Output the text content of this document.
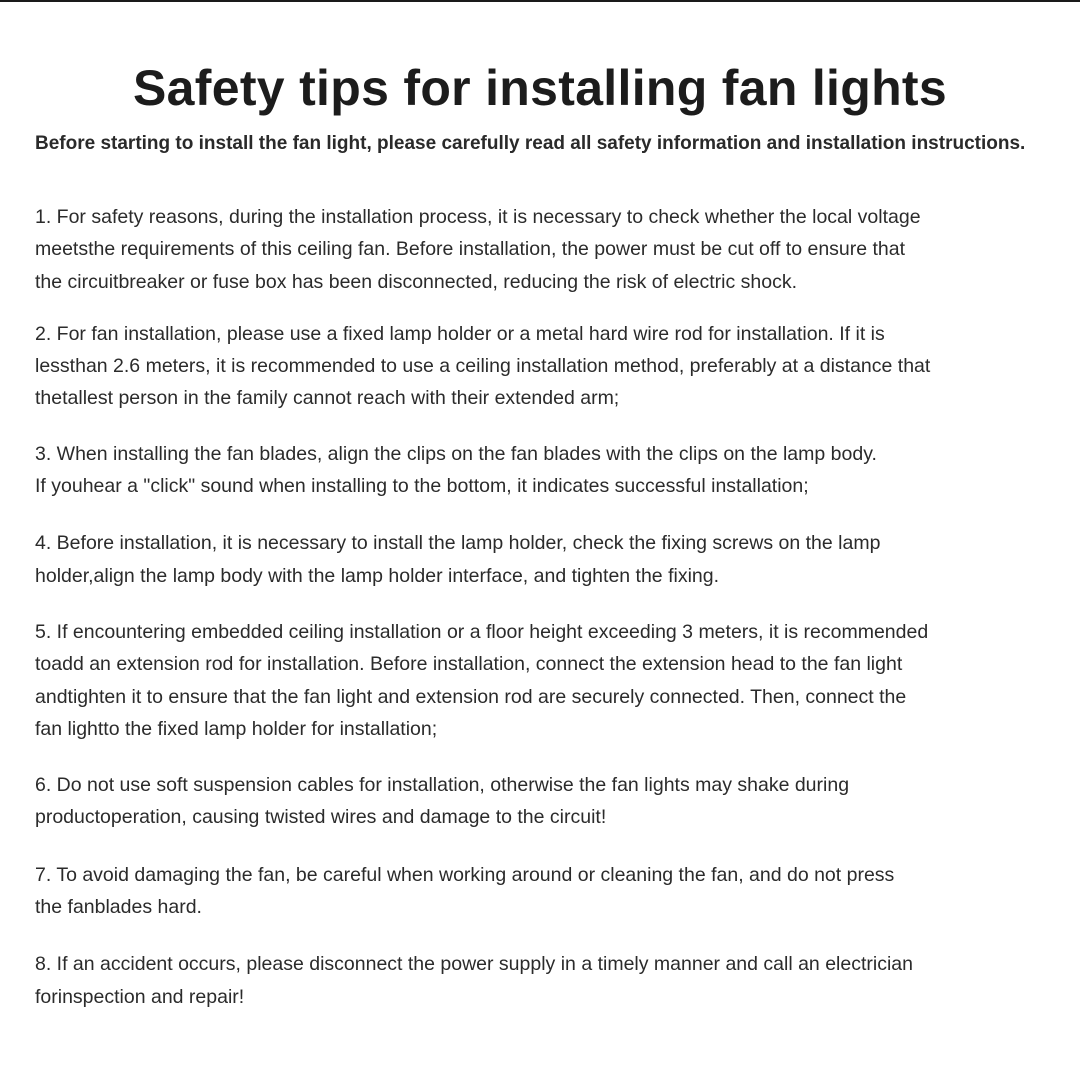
Safety tips for installing fan lights

Before starting to install the fan light, please carefully read all safety information and installation instructions.

1. For safety reasons, during the installation process, it is necessary to check whether the local voltage
meetsthe requirements of this ceiling fan. Before installation, the power must be cut off to ensure that
the circuitbreaker or fuse box has been disconnected, reducing the risk of electric shock.
2. For fan installation, please use a fixed lamp holder or a metal hard wire rod for installation. If it is
lessthan 2.6 meters, it is recommended to use a ceiling installation method, preferably at a distance that
thetallest person in the family cannot reach with their extended arm;
3. When installing the fan blades, align the clips on the fan blades with the clips on the lamp body.
If youhear a "click" sound when installing to the bottom, it indicates successful installation;
4. Before installation, it is necessary to install the lamp holder, check the fixing screws on the lamp
holder,align the lamp body with the lamp holder interface, and tighten the fixing.
5. If encountering embedded ceiling installation or a floor height exceeding 3 meters, it is recommended
toadd an extension rod for installation. Before installation, connect the extension head to the fan light
andtighten it to ensure that the fan light and extension rod are securely connected. Then, connect the
fan lightto the fixed lamp holder for installation;
6. Do not use soft suspension cables for installation, otherwise the fan lights may shake during
productoperation, causing twisted wires and damage to the circuit!
7. To avoid damaging the fan, be careful when working around or cleaning the fan, and do not press
the fanblades hard.
8. If an accident occurs, please disconnect the power supply in a timely manner and call an electrician
forinspection and repair!
